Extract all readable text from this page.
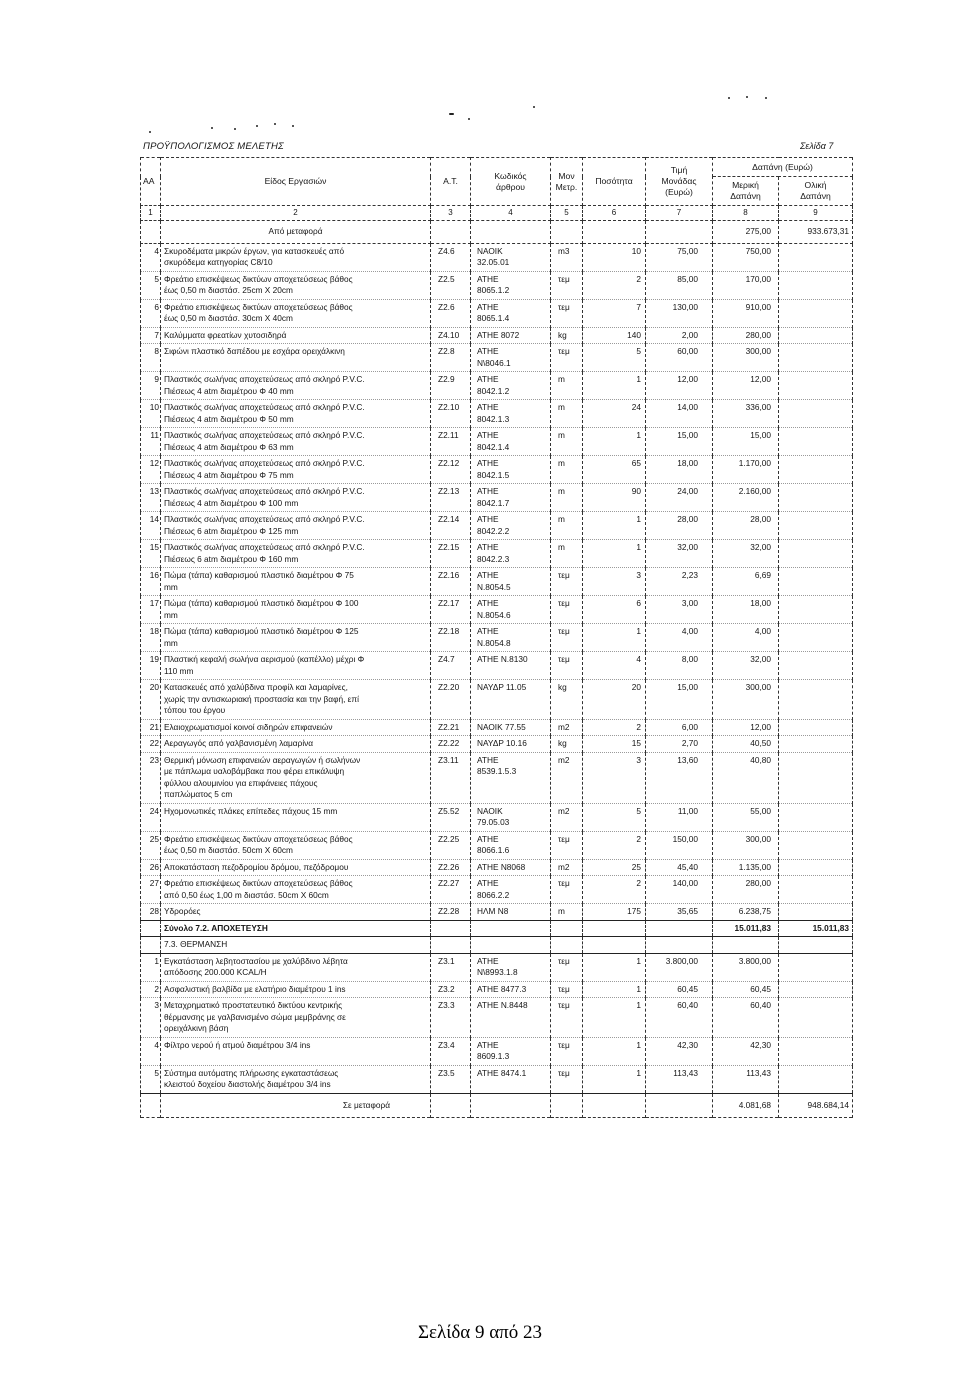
ΠΡΟΫΠΟΛΟΓΙΣΜΟΣ ΜΕΛΕΤΗΣ	Σελίδα 7
ΑΑ	Είδος Εργασιών	Α.Τ.	Κωδικός
άρθρου	Μον
Μετρ.	Ποσότητα	Τιμή
Μονάδας
(Ευρώ)	Δαπάνη (Ευρώ)	
							Μερική
Δαπάνη	Ολική
Δαπάνη
1	2	3	4	5	6	7	8	9
	Από μεταφορά						275,00	933.673,31
4	Σκυροδέματα μικρών έργων, για κατασκευές από
σκυρόδεμα κατηγορίας C8/10	Z4.6	ΝΑΟΙΚ
32.05.01	m3	10	75,00	750,00	
5	Φρεάτιο επισκέψεως δικτύων αποχετεύσεως βάθος
έως 0,50 m διαστάσ. 25cm X 20cm	Z2.5	ΑΤΗΕ
8065.1.2	τεμ	2	85,00	170,00	
6	Φρεάτιο επισκέψεως δικτύων αποχετεύσεως βάθος
έως 0,50 m διαστάσ. 30cm X 40cm	Z2.6	ΑΤΗΕ
8065.1.4	τεμ	7	130,00	910,00	
7	Καλύμματα φρεατίων χυτοσιδηρά	Z4.10	ΑΤΗΕ 8072	kg	140	2,00	280,00	
8	Σιφώνι πλαστικό δαπέδου με εσχάρα ορειχάλκινη	Z2.8	ΑΤΗΕ
Ν\8046.1	τεμ	5	60,00	300,00	
9	Πλαστικός σωλήνας αποχετεύσεως από σκληρό P.V.C.
Πιέσεως 4 atm διαμέτρου Φ 40 mm	Z2.9	ΑΤΗΕ
8042.1.2	m	1	12,00	12,00	
10	Πλαστικός σωλήνας αποχετεύσεως από σκληρό P.V.C.
Πιέσεως 4 atm διαμέτρου Φ 50 mm	Z2.10	ΑΤΗΕ
8042.1.3	m	24	14,00	336,00	
11	Πλαστικός σωλήνας αποχετεύσεως από σκληρό P.V.C.
Πιέσεως 4 atm διαμέτρου Φ 63 mm	Z2.11	ΑΤΗΕ
8042.1.4	m	1	15,00	15,00	
12	Πλαστικός σωλήνας αποχετεύσεως από σκληρό P.V.C.
Πιέσεως 4 atm διαμέτρου Φ 75 mm	Z2.12	ΑΤΗΕ
8042.1.5	m	65	18,00	1.170,00	
13	Πλαστικός σωλήνας αποχετεύσεως από σκληρό P.V.C.
Πιέσεως 4 atm διαμέτρου Φ 100 mm	Z2.13	ΑΤΗΕ
8042.1.7	m	90	24,00	2.160,00	
14	Πλαστικός σωλήνας αποχετεύσεως από σκληρό P.V.C.
Πιέσεως 6 atm διαμέτρου Φ 125 mm	Z2.14	ΑΤΗΕ
8042.2.2	m	1	28,00	28,00	
15	Πλαστικός σωλήνας αποχετεύσεως από σκληρό P.V.C.
Πιέσεως 6 atm διαμέτρου Φ 160 mm	Z2.15	ΑΤΗΕ
8042.2.3	m	1	32,00	32,00	
16	Πώμα (τάπα) καθαρισμού πλαστικό διαμέτρου Φ 75
mm	Z2.16	ΑΤΗΕ
Ν.8054.5	τεμ	3	2,23	6,69	
17	Πώμα (τάπα) καθαρισμού πλαστικό διαμέτρου Φ 100
mm	Z2.17	ΑΤΗΕ
Ν.8054.6	τεμ	6	3,00	18,00	
18	Πώμα (τάπα) καθαρισμού πλαστικό διαμέτρου Φ 125
mm	Z2.18	ΑΤΗΕ
Ν.8054.8	τεμ	1	4,00	4,00	
19	Πλαστική κεφαλή σωλήνα αερισμού (καπέλλο) μέχρι Φ
110 mm	Z4.7	ΑΤΗΕ Ν.8130	τεμ	4	8,00	32,00	
20	Κατασκευές από χαλύβδινα προφίλ και λαμαρίνες,
χωρίς την αντισκωριακή προστασία και την βαφή, επί
τόπου του έργου	Z2.20	ΝΑΥΔΡ 11.05	kg	20	15,00	300,00	
21	Ελαιοχρωματισμοί κοινοί σιδηρών επιφανειών	Z2.21	ΝΑΟΙΚ 77.55	m2	2	6,00	12,00	
22	Αεραγωγός από γαλβανισμένη λαμαρίνα	Z2.22	ΝΑΥΔΡ 10.16	kg	15	2,70	40,50	
23	Θερμική μόνωση επιφανειών αεραγωγών ή σωλήνων
με πάπλωμα υαλοβάμβακα που φέρει επικάλυψη
φύλλου αλουμινίου για επιφάνειες πάχους
παπλώματος 5 cm	Z3.11	ΑΤΗΕ
8539.1.5.3	m2	3	13,60	40,80	
24	Ηχομονωτικές πλάκες επίπεδες πάχους 15 mm	Z5.52	ΝΑΟΙΚ
79.05.03	m2	5	11,00	55,00	
25	Φρεάτιο επισκέψεως δικτύων αποχετεύσεως βάθος
έως 0,50 m διαστάσ. 50cm X 60cm	Z2.25	ΑΤΗΕ
8066.1.6	τεμ	2	150,00	300,00	
26	Αποκατάσταση πεζοδρομίου δρόμου, πεζόδρομου	Z2.26	ΑΤΗΕ Ν8068	m2	25	45,40	1.135,00	
27	Φρεάτιο επισκέψεως δικτύων αποχετεύσεως βάθος
από 0,50 έως 1,00 m διαστάσ. 50cm X 60cm	Z2.27	ΑΤΗΕ
8066.2.2	τεμ	2	140,00	280,00	
28	Υδρορόες	Z2.28	ΗΛΜ Ν8	m	175	35,65	6.238,75	
	Σύνολο 7.2. ΑΠΟΧΕΤΕΥΣΗ						15.011,83	15.011,83
	7.3. ΘΕΡΜΑΝΣΗ							
1	Εγκατάσταση λεβητοστασίου με χαλύβδινο λέβητα
απόδοσης 200.000 KCAL/H	Z3.1	ΑΤΗΕ
Ν\8993.1.8	τεμ	1	3.800,00	3.800,00	
2	Ασφαλιστική βαλβίδα με ελατήριο διαμέτρου 1 ins	Z3.2	ΑΤΗΕ 8477.3	τεμ	1	60,45	60,45	
3	Μεταχρηματικό προστατευτικό δικτύου κεντρικής
θέρμανσης με γαλβανισμένο σώμα μεμβράνης σε
ορειχάλκινη βάση	Z3.3	ΑΤΗΕ Ν.8448	τεμ	1	60,40	60,40	
4	Φίλτρο νερού ή ατμού διαμέτρου 3/4 ins	Z3.4	ΑΤΗΕ
8609.1.3	τεμ	1	42,30	42,30	
5	Σύστημα αυτόματης πλήρωσης εγκαταστάσεως
κλειστού δοχείου διαστολής διαμέτρου 3/4 ins	Z3.5	ΑΤΗΕ 8474.1	τεμ	1	113,43	113,43	
	Σε μεταφορά						4.081,68	948.684,14
Σελίδα 9 από 23
